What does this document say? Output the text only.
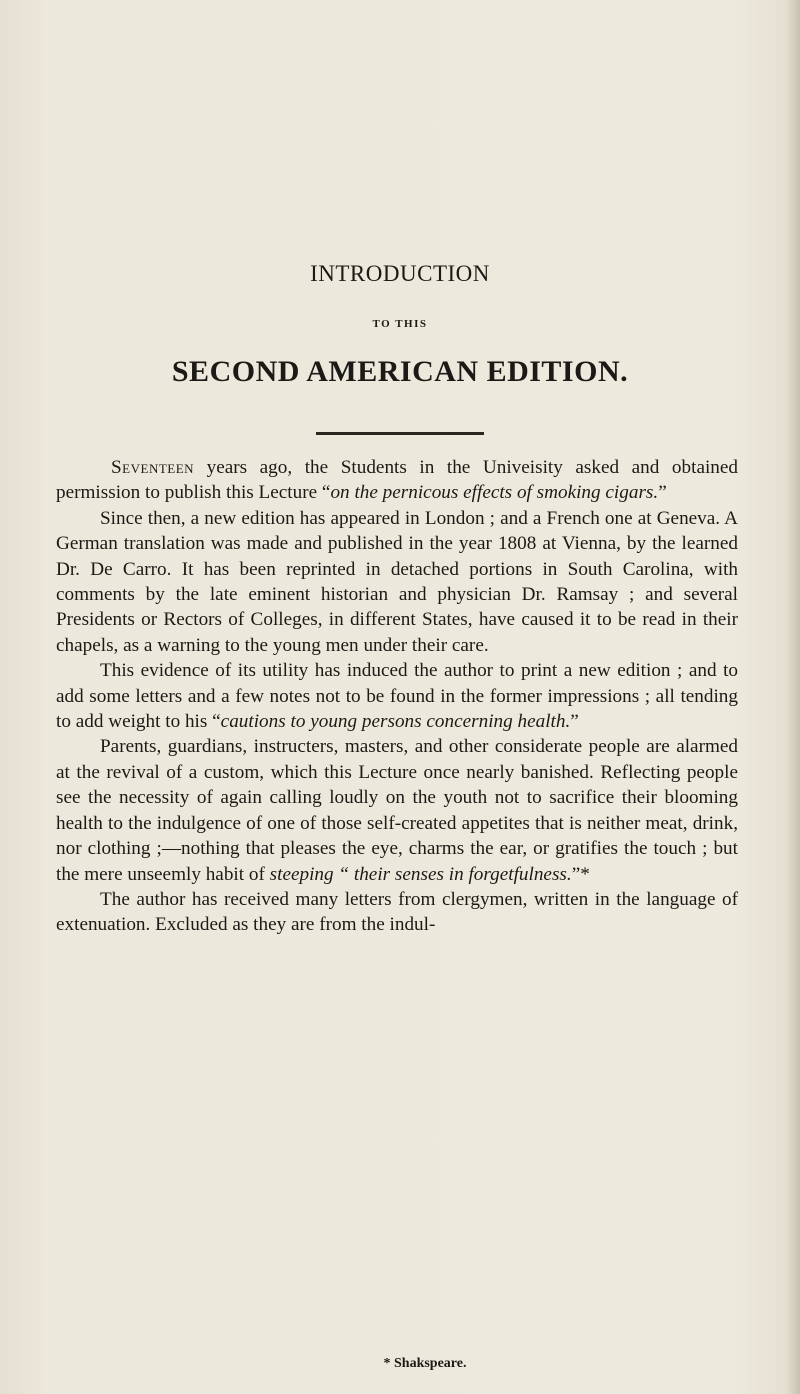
INTRODUCTION
TO THIS
SECOND AMERICAN EDITION.

Seventeen years ago, the Students in the Univeisity asked and obtained permission to publish this Lecture “on the pernicous effects of smoking cigars.”

Since then, a new edition has appeared in London ; and a French one at Geneva. A German translation was made and published in the year 1808 at Vienna, by the learned Dr. De Carro. It has been reprinted in detached portions in South Carolina, with comments by the late eminent historian and physician Dr. Ramsay ; and several Presidents or Rectors of Colleges, in different States, have caused it to be read in their chapels, as a warning to the young men under their care.

This evidence of its utility has induced the author to print a new edition ; and to add some letters and a few notes not to be found in the former impressions ; all tending to add weight to his “cautions to young persons concerning health.”

Parents, guardians, instructers, masters, and other considerate people are alarmed at the revival of a custom, which this Lecture once nearly banished. Reflecting people see the necessity of again calling loudly on the youth not to sacrifice their blooming health to the indulgence of one of those self-created appetites that is neither meat, drink, nor clothing ;—nothing that pleases the eye, charms the ear, or gratifies the touch ; but the mere unseemly habit of steeping “ their senses in forgetfulness.”*

The author has received many letters from clergymen, written in the language of extenuation. Excluded as they are from the indul-

* Shakspeare.
